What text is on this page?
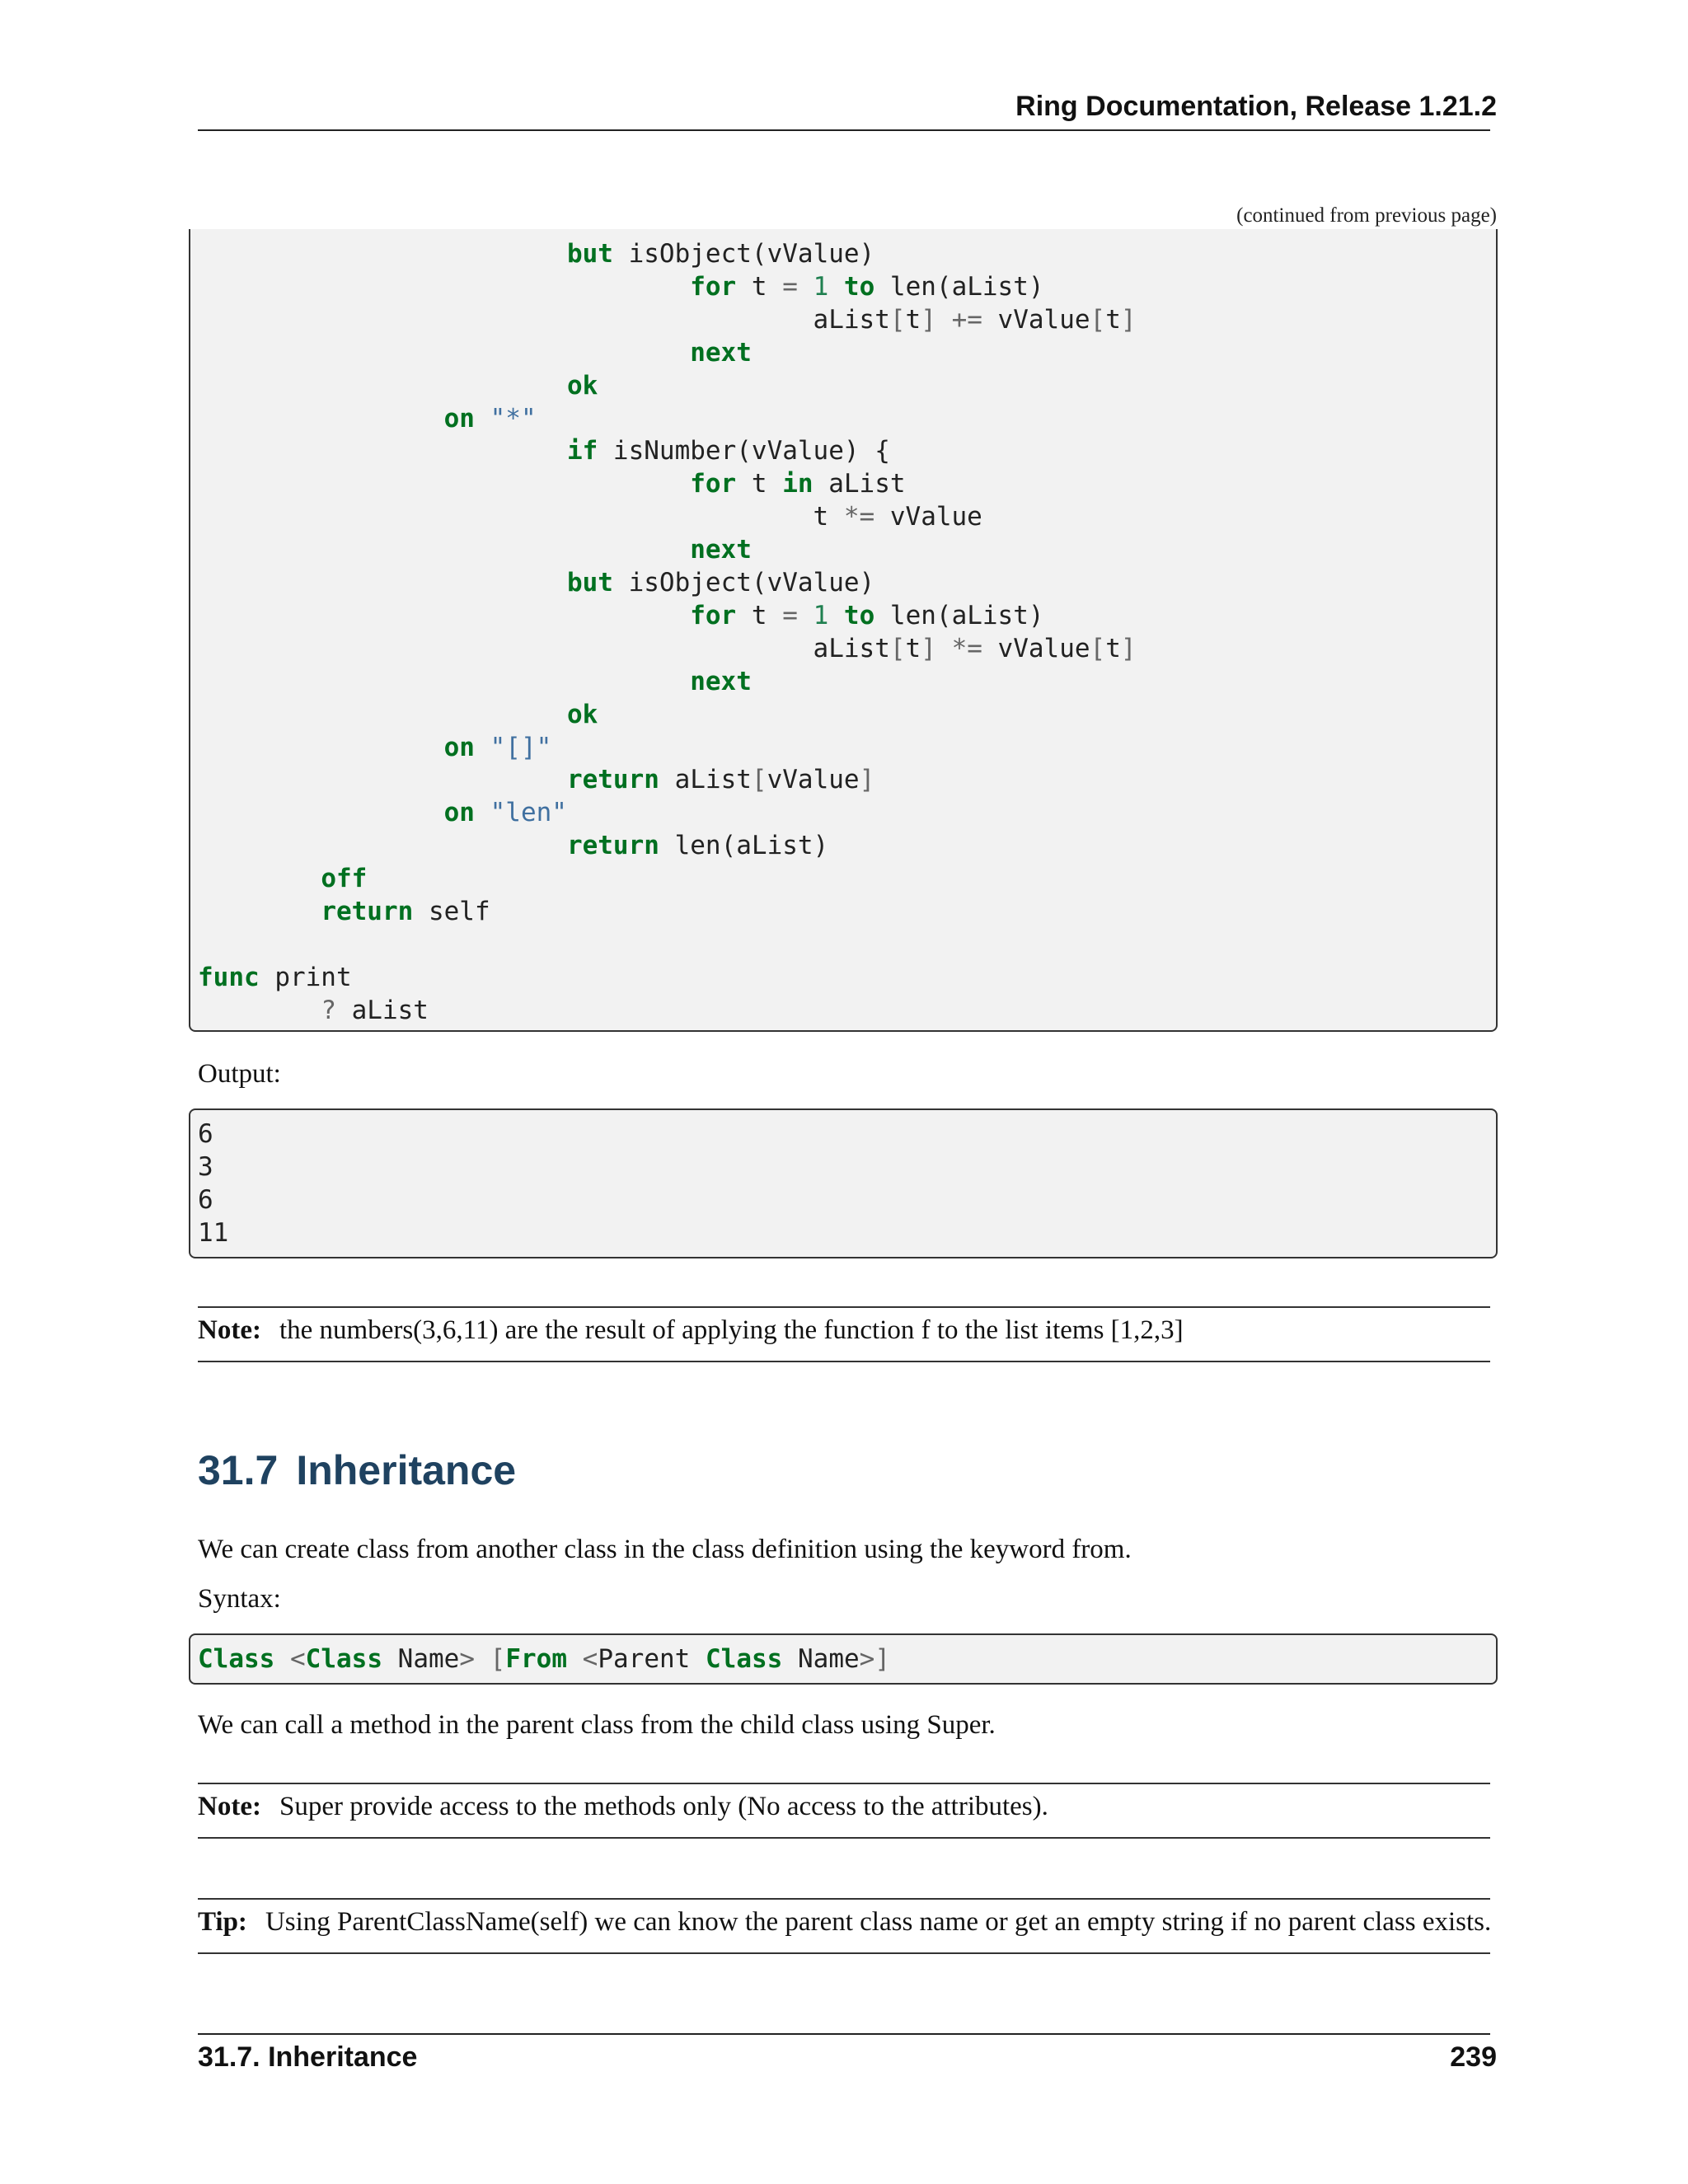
Ring Documentation, Release 1.21.2
(continued from previous page)
but isObject(vValue)
for t = 1 to len(aList)
aList[t] += vValue[t]
next
ok
on "*"
if isNumber(vValue) {
for t in aList
t *= vValue
next
but isObject(vValue)
for t = 1 to len(aList)
aList[t] *= vValue[t]
next
ok
on "[]"
return aList[vValue]
on "len"
return len(aList)
off
return self
func print
? aList
Output:
6
3
6
11
Note: the numbers(3,6,11) are the result of applying the function f to the list items [1,2,3]
31.7 Inheritance
We can create class from another class in the class definition using the keyword from.
Syntax:
Class <Class Name> [From <Parent Class Name>]
We can call a method in the parent class from the child class using Super.
Note: Super provide access to the methods only (No access to the attributes).
Tip: Using ParentClassName(self) we can know the parent class name or get an empty string if no parent class exists.
31.7. Inheritance	239
